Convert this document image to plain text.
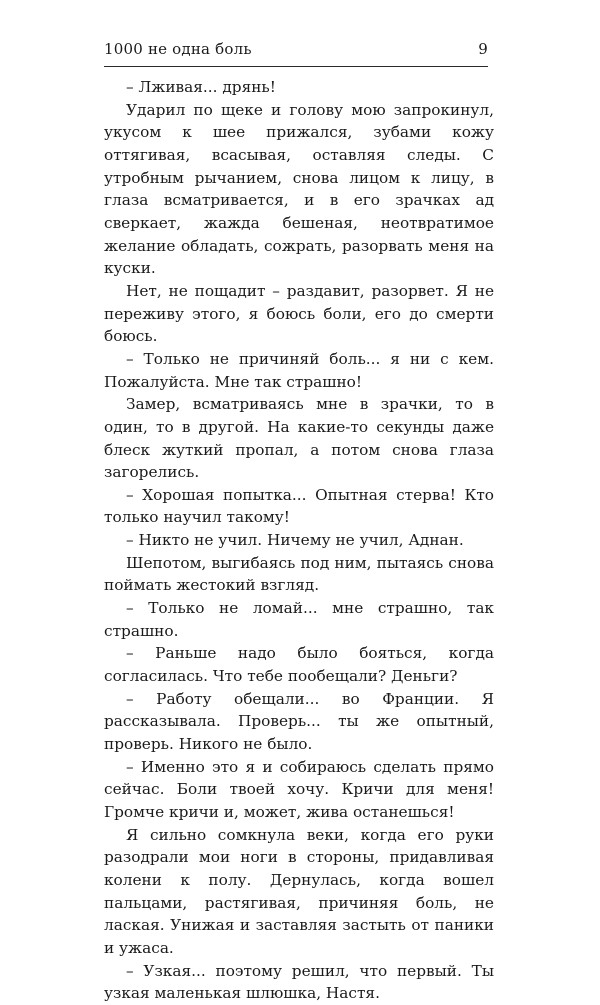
1000 не одна боль	9

– Лживая... дрянь!

Ударил по щеке и голову мою запрокинул, укусом к шее прижался, зубами кожу оттягивая, всасывая, оставляя следы. С утробным рычанием, снова лицом к лицу, в глаза всматривается, и в его зрачках ад сверкает, жажда бешеная, неотвратимое желание обладать, сожрать, разорвать меня на куски.

Нет, не пощадит – раздавит, разорвет. Я не переживу этого, я боюсь боли, его до смерти боюсь.

– Только не причиняй боль... я ни с кем. Пожалуйста. Мне так страшно!

Замер, всматриваясь мне в зрачки, то в один, то в другой. На какие-то секунды даже блеск жуткий пропал, а потом снова глаза загорелись.

– Хорошая попытка... Опытная стерва! Кто только научил такому!

– Никто не учил. Ничему не учил, Аднан.

Шепотом, выгибаясь под ним, пытаясь снова поймать жестокий взгляд.

– Только не ломай... мне страшно, так страшно.

– Раньше надо было бояться, когда согласилась. Что тебе пообещали? Деньги?

– Работу обещали... во Франции. Я рассказывала. Проверь... ты же опытный, проверь. Никого не было.

– Именно это я и собираюсь сделать прямо сейчас. Боли твоей хочу. Кричи для меня! Громче кричи и, может, жива останешься!

Я сильно сомкнула веки, когда его руки разодрали мои ноги в стороны, придавливая колени к полу. Дернулась, когда вошел пальцами, растягивая, причиняя боль, не лаская. Унижая и заставляя застыть от паники и ужаса.

– Узкая... поэтому решил, что первый. Ты узкая маленькая шлюшка, Настя.
